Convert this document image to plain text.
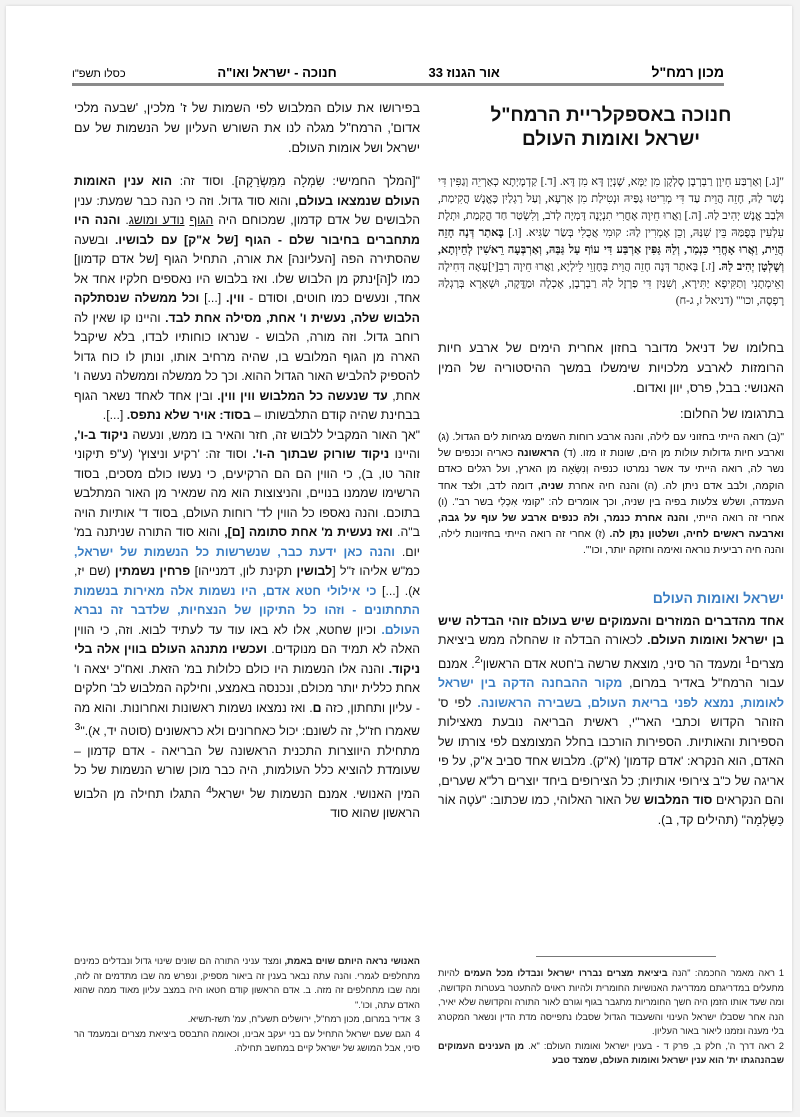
מכון רמח"ל
אור הגנוז 33
חנוכה - ישראל ואו"ה
כסלו תשפ"ו
חנוכה באספקלריית הרמח"ל
ישראל ואומות העולם
"[ג.] וְאַרְבַּע חֵיוָן רַבְרְבָן סָלְקָן מִן יַמָּא, שָׁנְיָן דָּא מִן דָּא. [ד.] קַדְמָיְתָא כְאַרְיֵה וְגַפִּין דִּי נְשַׁר לַהּ, חָזֵה הֲוֵית עַד דִּי מְרִיטוּ גַפַּיהּ וּנְטִילַת מִן אַרְעָא, וְעַל רַגְלַיִן כֶּאֱנָשׁ הֳקִימַת, וּלְבַב אֱנָשׁ יְהִיב לַהּ. [ה.] וַאֲרוּ חֵיוָה אָחֳרִי תִנְיָנָה דָּמְיָה לְדֹב, וְלִשְׂטַר חַד הֳקִמַת, וּתְלָת עִלְעִין בְּפֻמַּהּ בֵּין שִׁנַּהּ, וְכֵן אָמְרִין לַהּ: קוּמִי אֲכֻלִי בְּשַׂר שַׂגִּיא. [ו.] בָּאתַר דְּנָה חָזֵה הֲוֵית, וַאֲרוּ אָחֳרִי כִּנְמַר, וְלַהּ גַּפִּין אַרְבַּע דִּי עוֹף עַל גַּבַּהּ, וְאַרְבְּעָה רֵאשִׁין לְחֵיוְתָא, וְשָׁלְטָן יְהִיב לַהּ. [ז.] בָּאתַר דְּנָה חָזֵה הֲוֵית בְּחֶזְוֵי לֵילְיָא, וַאֲרוּ חֵיוָה רְבִ[י]עָאָה דְּחִילָה וְאֵימְתָנִי וְתַקִּיפָא יַתִּירָא, וְשִׁנַּיִן דִּי פַרְזֶל לַהּ רַבְרְבָן, אָכְלָה וּמַדֱּקָה, וּשְׁאָרָא בְּרַגְלַהּ רָפְסָה, וכו'" (דניאל ז, ג-ח)

בחלומו של דניאל מדובר בחזון אחרית הימים של ארבע חיות הרומזות לארבע מלכויות שימשלו במשך ההיסטוריה של המין האנושי: בבל, פרס, יוון ואדום.

בתרגומו של החלום:

"(ב) רואה הייתי בחזוני עם לילה, והנה ארבע רוחות השמים מגיחות לים הגדול. (ג) וארבע חיות גדולות עולות מן הים, שונות זו מזו. (ד) הראשונה כאריה וכנפים של נשר לה, רואה הייתי עד אשר נמרטו כנפיה וְנִשְּׂאָה מן הארץ, ועל רגלים כאדם הוקמה, ולבב אדם ניתן לה. (ה) והנה חיה אחרת שניה, דומה לדב, ולצד אחד העמדה, ושלש צלעות בפיה בין שניה, וכך אומרים לה: "קומי אִכְלִי בשר רב". (ו) אחרי זה רואה הייתי, והנה אחרת כנמר, ולהּ כנפים ארבע של עוף על גבה, וארבעה ראשים לחיה, ושלטון נִתַּן לה. (ז) אחרי זה רואה הייתי בחזיונות לילה, והנה חיה רביעית נוראה ואימה וחזקה יותר, וכו'".
ישראל ואומות העולם

אחד מהדברים המוזרים והעמוקים שיש בעולם זוהי הבדלה שיש בן ישראל ואומות העולם. לכאורה הבדלה זו שהחלה ממש ביציאת מצרים$^1$ ומעמד הר סיני, מוצאת שרשה ב'חטא אדם $הראשון'^2$. אמנם עבור הרמח"ל באדיר במרום, מקור ההבחנה הדקה בין ישראל לאומות, נמצא לפני בריאת העולם, בשבירה הראשונה. לפי ס' הזוהר הקדוש וכתבי האר"י, ראשית הבריאה נובעת מאצילות הספירות והאותיות. הספירות הורכבו בחלל המצומצם לפי צורתו של האדם, הוא הנקרא: 'אדם קדמון' (א"ק). מלבוש אחד סביב א"ק, על פי אריגה של כ"ב צירופי אותיות; כל הצירופים ביחד יוצרים רל"א שערים, והם הנקראים סוד המלבוש של האור האלוהי, כמו שכתוב: "עֹטֶה אוֹר כַּשַּׂלְמָה" (תהילים קד, ב).

בפירושו את עולם המלבוש לפי השמות של ז' מלכין, 'שבעה מלכי אדום', הרמח"ל מגלה לנו את השורש העליון של הנשמות של עם ישראל ושל אומות העולם.

"[המלך החמישי: שִׂמְלָה מִמַּשְׂרֵקָה]. וסוד זה: הוא ענין האומות העולם שנמצאו בעולם, והוא סוד גדול. וזה כי הנה כבר שמעת: ענין הלבושים של אדם קדמון, שמכוחם היה הגוף נודע ומושג. והנה היו מתחברים בחיבור שלם - הגוף [של א"ק] עם לבושיו. ובשעה שהסתירה הפה [העליונה] את אורה, התחיל הגוף [של אדם קדמון] כמו ל[ה]ינתק מן הלבוש שלו. ואז בלבוש היו נאספים חלקיו אחד אל אחד, ונעשים כמו חוטים, וסודם - ווין. [...] וכל ממשלה שנסתלקה הלבוש שלה, נעשית ו' אחת, מסילה אחת לבד. והיינו קו שאין לה רוחב גדול. וזה מורה, הלבוש - שנראו כוחותיו לבדו, בלא שיקבל הארה מן הגוף המלובש בו, שהיה מרחיב אותו, ונותן לו כוח גדול להספיק להלביש האור הגדול ההוא. וכך כל ממשלה וממשלה נעשה ו' אחת, עד שנעשה כל המלבוש ווין ווין. ובין אחד לאחד נשאר הגוף בבחינת שהיה קודם התלבשותו – בסוד: אויר שלא נתפס. [...].

"אך האור המקביל ללבוש זה, חזר והאיר בו ממש, ונעשה ניקוד ב-ו', והיינו ניקוד שורוק שבתוך ה-ו'. וסוד זה: 'רקיע וניצוץ' (ע"פ תיקוני זוהר טו, ב), כי הווין הם הם הרקיעים, כי נעשו כולם מסכים, בסוד הרשימו שממנו בנויים, והניצוצות הוא מה שמאיר מן האור המתלבש בתוכם. והנה נאספו כל הווין לד' רוחות העולם, בסוד ד' אותיות הויה ב"ה. ואז נעשית מ' אחת סתומה [ם], והוא סוד התורה שניתנה במ' יום. והנה כאן ידעת כבר, שנשרשות כל הנשמות של ישראל, כמ"ש אליהו ז"ל [לבושין תקינת לון, דמנייהו] פרחין נשמתין (שם יז, א). [...] כי אילולי חטא אדם, היו נשמות אלה מאירות בנשמות התחתונים - וזהו כל התיקון של הנצחיות, שלדבר זה נברא העולם. וכיון שחטא, אלו לא באו עוד עד לעתיד לבוא. וזה, כי הווין האלה לא תמיד הם מנוקדים. ועכשיו מתנהג העולם בווין אלה בלי ניקוד. והנה אלו הנשמות היו כולם כלולות במ' הזאת. ואח"כ יצאה ו' אחת כללית יותר מכולם, ונכנסה באמצע, וחילקה המלבוש לב' חלקים - עליון ותחתון, כזה ם. ואז נמצאו נשמות ראשונות ואחרונות. והוא מה שאמרו חז"ל, זה לשונם: יכול כאחרונים ולא כראשונים (סוטה יד, א)."$^3$

מתחילת היווצרות התכנית הראשונה של הבריאה - אדם קדמון – שעומדת להוציא כלל העולמות, היה כבר מוכן שורש הנשמות של כל המין האנושי. אמנם הנשמות של ישראל$^4$ התגלו תחילה מן הלבוש הראשון שהוא סוד

1ראה מאמר החכמה: "הנה ביציאת מצרים נבררו ישראל ונבדלו מכל העמים להיות מתעלים במדריגתם ממדריגת האנושיות החומרית ולהיות ראוים להתעטר בעטרות הקדושה, ומה שעד אותו הזמן היה חשך החומריות מתגבר בגוף וגורם לאור התורה והקדושה שלא יאיר, הנה אחר שסבלו ישראל העינוי והשעבוד הגדול שסבלו נתפייסה מדת הדין ונשאר המקטרג בלי מענה ונזמנו ליאור באור העליון.
2ראה דרך ה', חלק ב, פרק ד - בענין ישראל ואומות העולם: "א. מן הענינים העמוקים שבהנהגתו ית' הוא ענין ישראל ואומות העולם, שמצד טבע
האנושי נראה היותם שוים באמת, ומצד עניני התורה הם שונים שינוי גדול ונבדלים כמינים מתחלפים לגמרי. והנה עתה נבאר בענין זה ביאור מספיק, ונפרש מה שבו מתדמים זה לזה, ומה שבו מתחלפים זה מזה. ב. אדם הראשון קודם חטאו היה במצב עליון מאוד ממה שהוא האדם עתה, וכו'."
3אדיר במרום, מכון רמח"ל, ירושלים תשע"ח, עמ' תשז-תשיא.
4הגם שעם ישראל התחיל עם בני יעקב אבינו, וכאומה התבסס ביציאת מצרים ובמעמד הר סיני, אבל המושג של ישראל קיים במחשב תחילה.
